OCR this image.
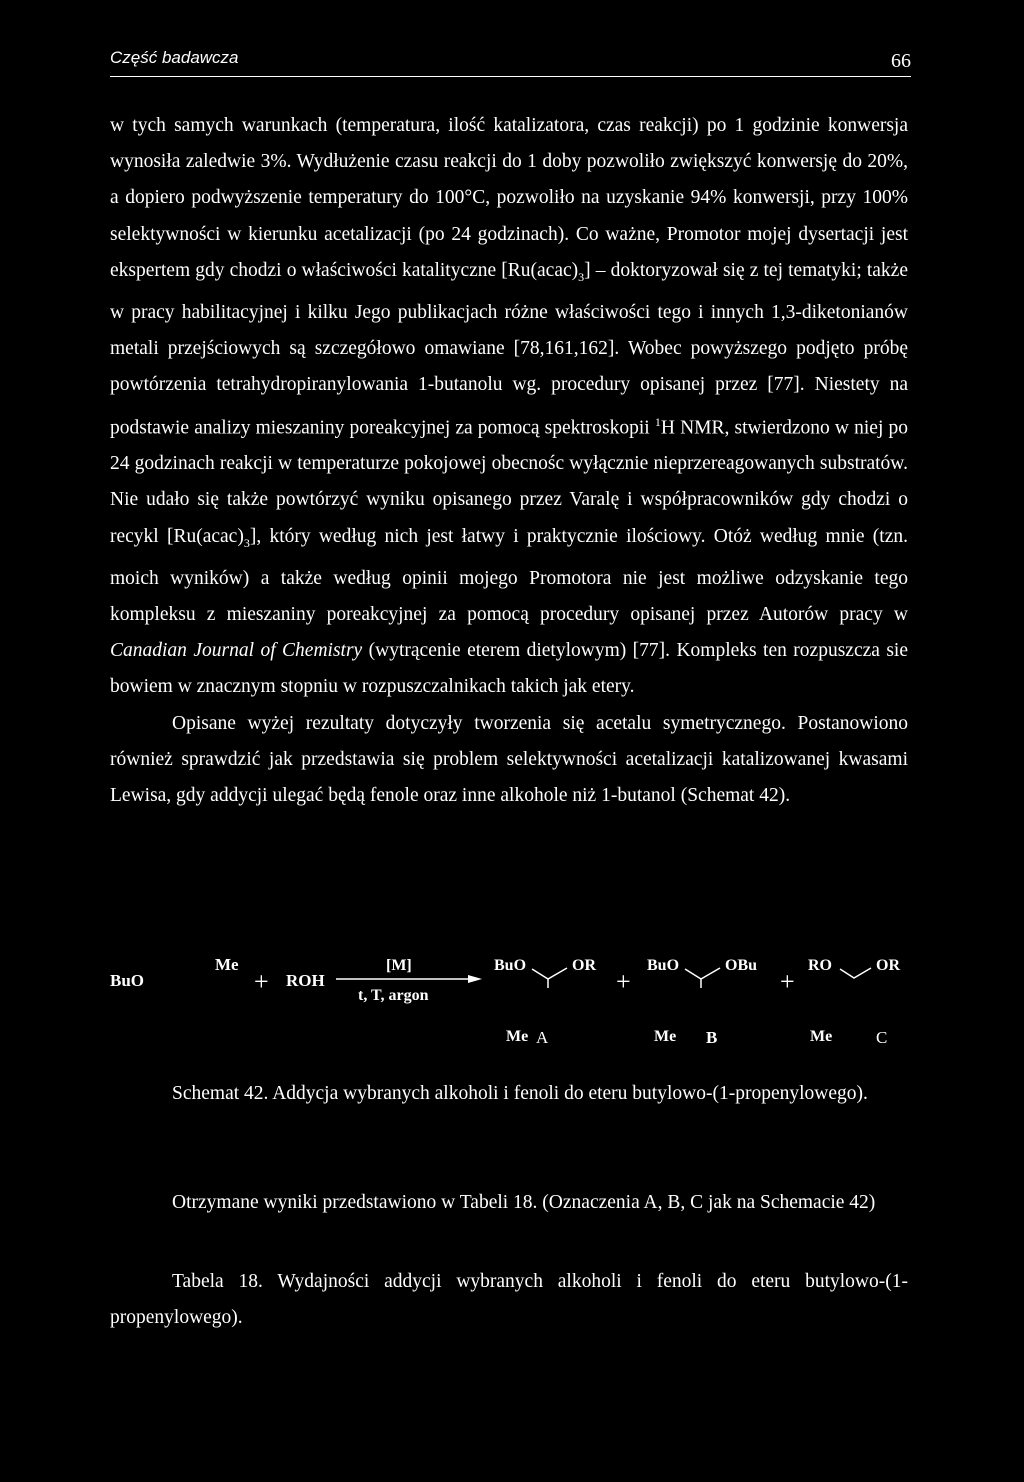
Część badawcza	66

w tych samych warunkach (temperatura, ilość katalizatora, czas reakcji) po 1 godzinie konwersja wynosiła zaledwie 3%. Wydłużenie czasu reakcji do 1 doby pozwoliło zwiększyć konwersję do 20%, a dopiero podwyższenie temperatury do 100°C, pozwoliło na uzyskanie 94% konwersji, przy 100% selektywności w kierunku acetalizacji (po 24 godzinach). Co ważne, Promotor mojej dysertacji jest ekspertem gdy chodzi o właściwości katalityczne $[Ru(acac)_3]$ – doktoryzował się z tej tematyki; także w pracy habilitacyjnej i kilku Jego publikacjach różne właściwości tego i innych 1,3-diketonianów metali przejściowych są szczegółowo omawiane [78,161,162]. Wobec powyższego podjęto próbę powtórzenia tetrahydropiranylowania 1-butanolu wg. procedury opisanej przez [77]. Niestety na podstawie analizy mieszaniny poreakcyjnej za pomocą spektroskopii $^1$H NMR, stwierdzono w niej po 24 godzinach reakcji w temperaturze pokojowej obecnośc wyłącznie nieprzereagowanych substratów. Nie udało się także powtórzyć wyniku opisanego przez Varalę i współpracowników gdy chodzi o recykl $[Ru(acac)_3]$, który według nich jest łatwy i praktycznie ilościowy. Otóż według mnie (tzn. moich wyników) a także według opinii mojego Promotora nie jest możliwe odzyskanie tego kompleksu z mieszaniny poreakcyjnej za pomocą procedury opisanej przez Autorów pracy w Canadian Journal of Chemistry (wytrącenie eterem dietylowym) [77]. Kompleks ten rozpuszcza sie bowiem w znacznym stopniu w rozpuszczalnikach takich jak etery.

Opisane wyżej rezultaty dotyczyły tworzenia się acetalu symetrycznego. Postanowiono również sprawdzić jak przedstawia się problem selektywności acetalizacji katalizowanej kwasami Lewisa, gdy addycji ulegać będą fenole oraz inne alkohole niż 1-butanol (Schemat 42).

BuO
Me
+ ROH
[M]
t, T, argon
BuO	OR
Me A
+
BuO	OBu
Me B
+
RO	OR
Me	C

Schemat 42. Addycja wybranych alkoholi i fenoli do eteru butylowo-(1-propenylowego).

Otrzymane wyniki przedstawiono w Tabeli 18. (Oznaczenia A, B, C jak na Schemacie 42)

Tabela 18. Wydajności addycji wybranych alkoholi i fenoli do eteru butylowo-(1-propenylowego).
